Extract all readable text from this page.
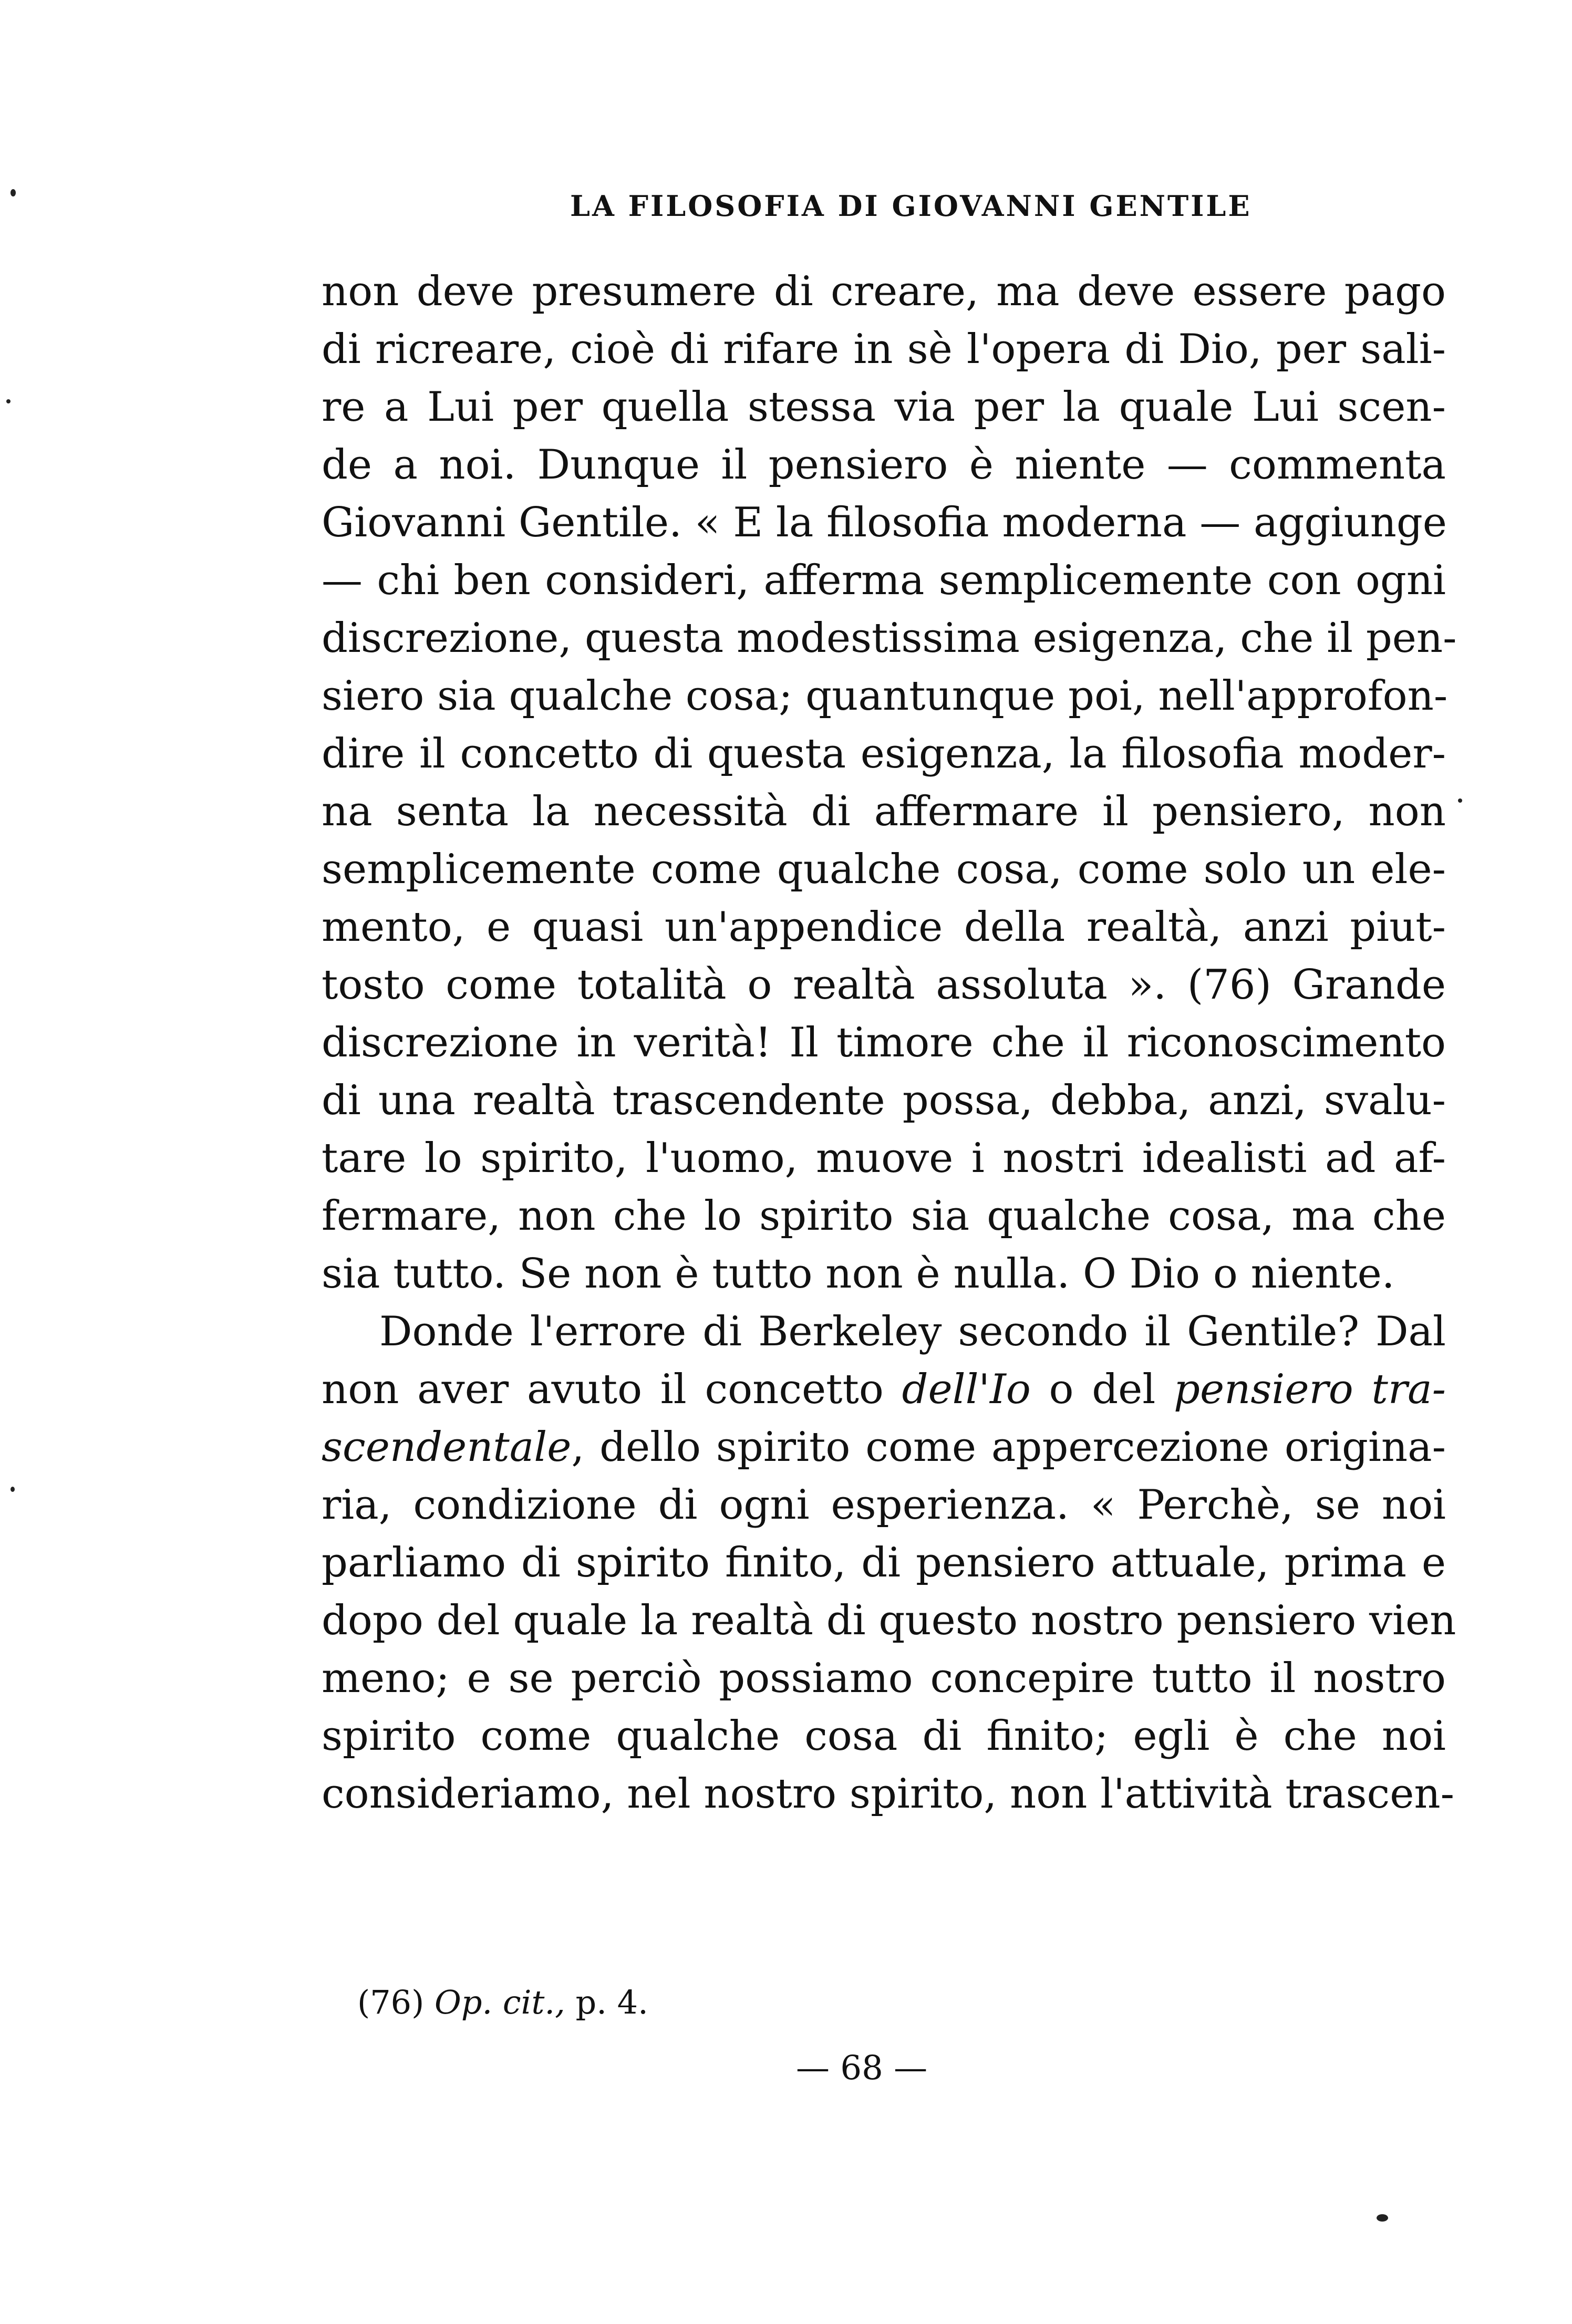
LA FILOSOFIA DI GIOVANNI GENTILE
non deve presumere di creare, ma deve essere pago
di ricreare, cioè di rifare in sè l'opera di Dio, per sali-
re a Lui per quella stessa via per la quale Lui scen-
de a noi. Dunque il pensiero è niente — commenta
Giovanni Gentile. « E la filosofia moderna — aggiunge
— chi ben consideri, afferma semplicemente con ogni
discrezione, questa modestissima esigenza, che il pen-
siero sia qualche cosa; quantunque poi, nell'approfon-
dire il concetto di questa esigenza, la filosofia moder-
na senta la necessità di affermare il pensiero, non
semplicemente come qualche cosa, come solo un ele-
mento, e quasi un'appendice della realtà, anzi piut-
tosto come totalità o realtà assoluta ». (76) Grande
discrezione in verità! Il timore che il riconoscimento
di una realtà trascendente possa, debba, anzi, svalu-
tare lo spirito, l'uomo, muove i nostri idealisti ad af-
fermare, non che lo spirito sia qualche cosa, ma che
sia tutto. Se non è tutto non è nulla. O Dio o niente.
Donde l'errore di Berkeley secondo il Gentile? Dal
non aver avuto il concetto dell'Io o del pensiero tra-
scendentale, dello spirito come appercezione origina-
ria, condizione di ogni esperienza. « Perchè, se noi
parliamo di spirito finito, di pensiero attuale, prima e
dopo del quale la realtà di questo nostro pensiero vien
meno; e se perciò possiamo concepire tutto il nostro
spirito come qualche cosa di finito; egli è che noi
consideriamo, nel nostro spirito, non l'attività trascen-
(76) Op. cit., p. 4.
— 68 —
